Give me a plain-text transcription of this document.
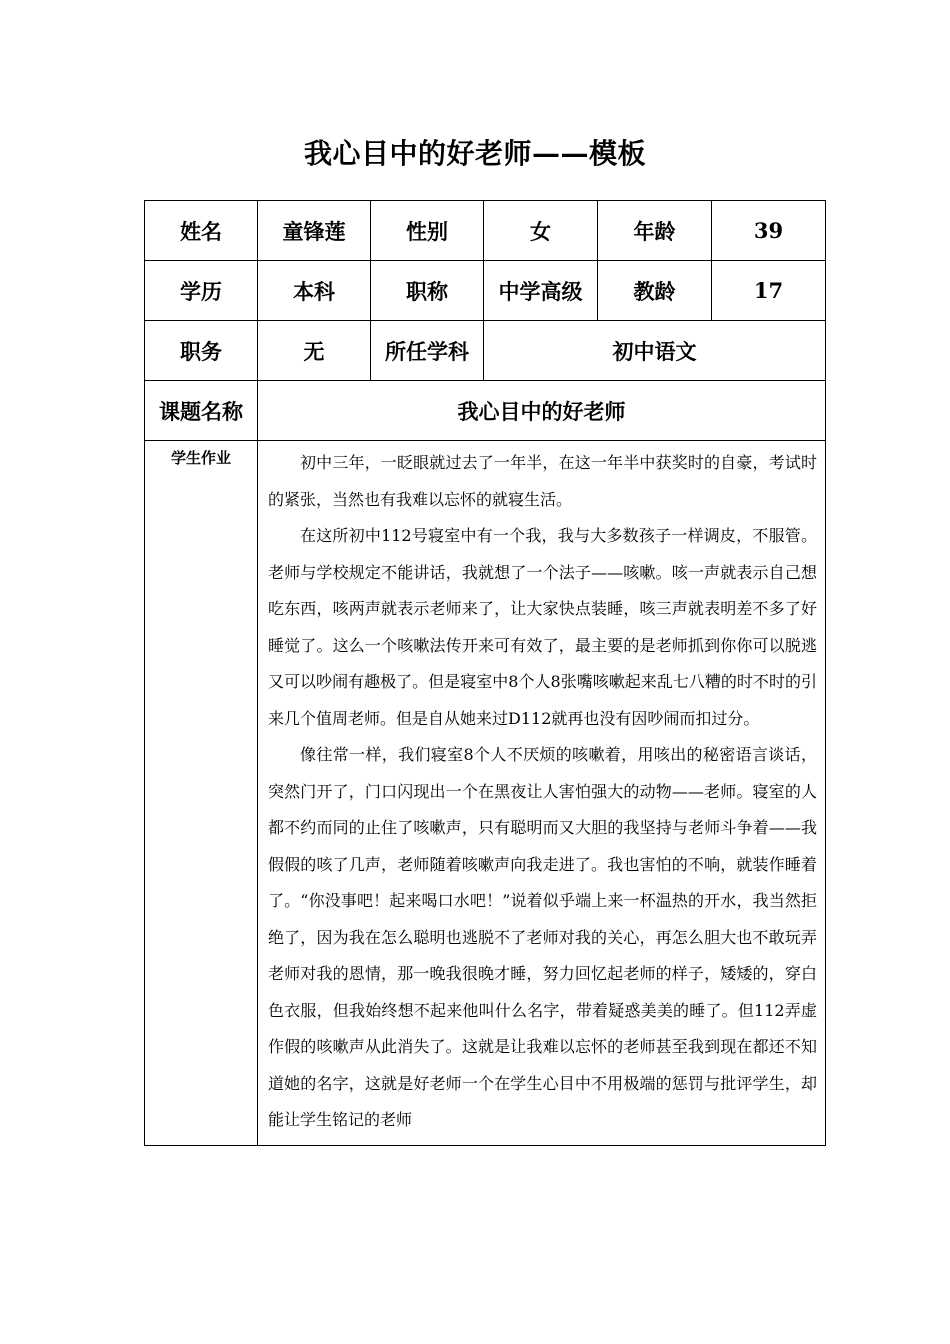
我心目中的好老师——模板
姓名	童锋莲	性别	女	年龄	39
学历	本科	职称	中学高级	教龄	17
职务	无	所任学科	初中语文		
课题名称	我心目中的好老师				
学生作业	初中三年，一眨眼就过去了一年半，在这一年半中获奖时的自豪，考试时的紧张，当然也有我难以忘怀的就寝生活。

在这所初中112号寝室中有一个我，我与大多数孩子一样调皮，不服管。老师与学校规定不能讲话，我就想了一个法子——咳嗽。咳一声就表示自己想吃东西，咳两声就表示老师来了，让大家快点装睡，咳三声就表明差不多了好睡觉了。这么一个咳嗽法传开来可有效了，最主要的是老师抓到你你可以脱逃又可以吵闹有趣极了。但是寝室中8个人8张嘴咳嗽起来乱七八糟的时不时的引来几个值周老师。但是自从她来过D112就再也没有因吵闹而扣过分。

像往常一样，我们寝室8个人不厌烦的咳嗽着，用咳出的秘密语言谈话，突然门开了，门口闪现出一个在黑夜让人害怕强大的动物——老师。寝室的人都不约而同的止住了咳嗽声，只有聪明而又大胆的我坚持与老师斗争着——我假假的咳了几声，老师随着咳嗽声向我走进了。我也害怕的不响，就装作睡着了。“你没事吧！起来喝口水吧！”说着似乎端上来一杯温热的开水，我当然拒绝了，因为我在怎么聪明也逃脱不了老师对我的关心，再怎么胆大也不敢玩弄老师对我的恩情，那一晚我很晚才睡，努力回忆起老师的样子，矮矮的，穿白色衣服，但我始终想不起来他叫什么名字，带着疑惑美美的睡了。但112弄虚作假的咳嗽声从此消失了。这就是让我难以忘怀的老师甚至我到现在都还不知道她的名字，这就是好老师一个在学生心目中不用极端的惩罚与批评学生，却能让学生铭记的老师				
